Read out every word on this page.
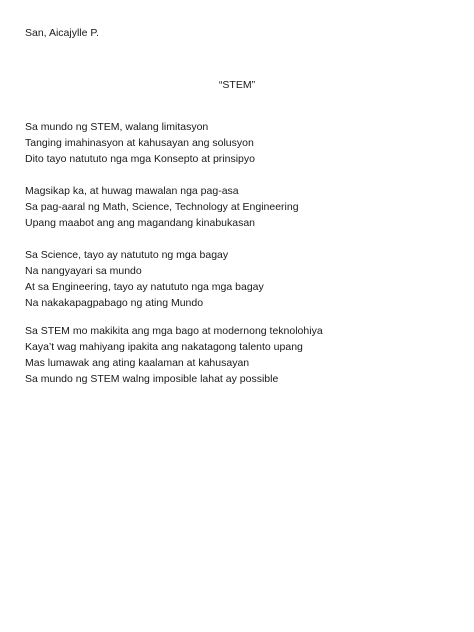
San, Aicajylle P.
“STEM”
Sa mundo ng STEM, walang limitasyon
Tanging imahinasyon at kahusayan ang solusyon
Dito tayo natututo nga mga Konsepto at prinsipyo
Magsikap ka, at huwag mawalan nga pag-asa
Sa pag-aaral ng Math, Science, Technology at Engineering
Upang maabot ang ang magandang kinabukasan
Sa Science, tayo ay natututo ng mga bagay
Na nangyayari sa mundo
At sa Engineering, tayo ay natututo nga mga bagay
Na nakakapagpabago ng ating Mundo
Sa STEM mo makikita ang mga bago at modernong teknolohiya
Kaya’t wag mahiyang ipakita ang nakatagong talento upang
Mas lumawak ang ating kaalaman at kahusayan
Sa mundo ng STEM walng imposible lahat ay possible
